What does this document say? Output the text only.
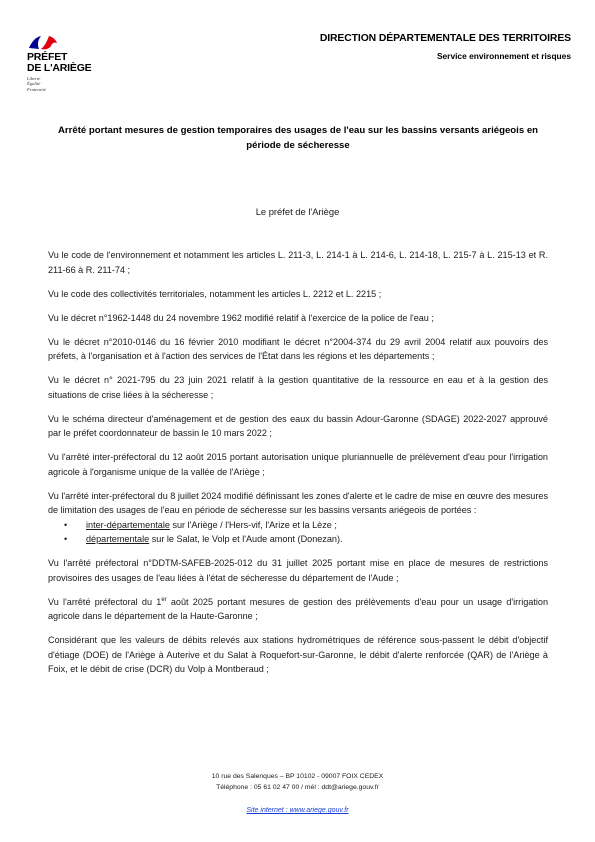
PRÉFET
DE L'ARIÈGE
Liberté
Égalité
Fraternité
DIRECTION DÉPARTEMENTALE DES TERRITOIRES
Service environnement et risques
Arrêté portant mesures de gestion temporaires des usages de l'eau sur les bassins versants ariégeois en période de sécheresse
Le préfet de l'Ariège

Vu le code de l'environnement et notamment les articles L. 211-3, L. 214-1 à L. 214-6, L. 214-18, L. 215-7 à L. 215-13 et R. 211-66 à R. 211-74 ;

Vu le code des collectivités territoriales, notamment les articles L. 2212 et L. 2215 ;

Vu le décret n°1962-1448 du 24 novembre 1962 modifié relatif à l'exercice de la police de l'eau ;

Vu le décret n°2010-0146 du 16 février 2010 modifiant le décret n°2004-374 du 29 avril 2004 relatif aux pouvoirs des préfets, à l'organisation et à l'action des services de l'État dans les régions et les départements ;

Vu le décret n° 2021-795 du 23 juin 2021 relatif à la gestion quantitative de la ressource en eau et à la gestion des situations de crise liées à la sécheresse ;

Vu le schéma directeur d'aménagement et de gestion des eaux du bassin Adour-Garonne (SDAGE) 2022-2027 approuvé par le préfet coordonnateur de bassin le 10 mars 2022 ;

Vu l'arrêté inter-préfectoral du 12 août 2015 portant autorisation unique pluriannuelle de prélèvement d'eau pour l'irrigation agricole à l'organisme unique de la vallée de l'Ariège ;

Vu l'arrêté inter-préfectoral du 8 juillet 2024 modifié définissant les zones d'alerte et le cadre de mise en œuvre des mesures de limitation des usages de l'eau en période de sécheresse sur les bassins versants ariégeois de portées :

• inter-départementale sur l'Ariège / l'Hers-vif, l'Arize et la Lèze ;
• départementale sur le Salat, le Volp et l'Aude amont (Donezan).

Vu l'arrêté préfectoral n°DDTM-SAFEB-2025-012 du 31 juillet 2025 portant mise en place de mesures de restrictions provisoires des usages de l'eau liées à l'état de sécheresse du département de l'Aude ;

Vu l'arrêté préfectoral du 1er août 2025 portant mesures de gestion des prélèvements d'eau pour un usage d'irrigation agricole dans le département de la Haute-Garonne ;

Considérant que les valeurs de débits relevés aux stations hydrométriques de référence sous-passent le débit d'objectif d'étiage (DOE) de l'Ariège à Auterive et du Salat à Roquefort-sur-Garonne, le débit d'alerte renforcée (QAR) de l'Ariège à Foix, et le débit de crise (DCR) du Volp à Montberaud ;

10 rue des Salenques – BP 10102 - 09007 FOIX CEDEX
Téléphone : 05 61 02 47 00 / mél : ddt@ariege.gouv.fr
Site internet : www.ariege.gouv.fr
